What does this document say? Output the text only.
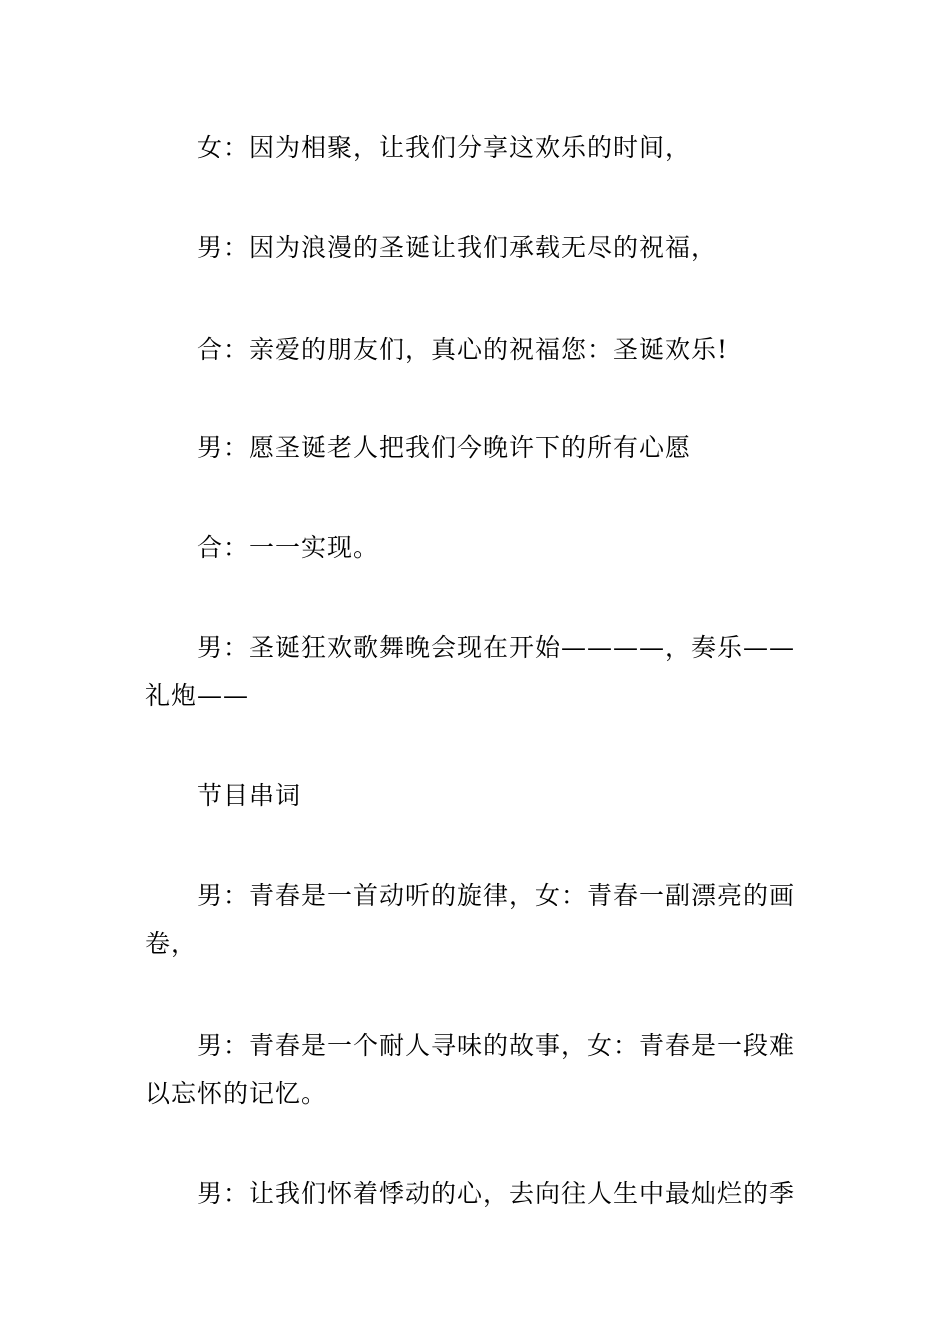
女：因为相聚，让我们分享这欢乐的时间，

男：因为浪漫的圣诞让我们承载无尽的祝福，

合：亲爱的朋友们，真心的祝福您：圣诞欢乐!

男：愿圣诞老人把我们今晚许下的所有心愿

合：一一实现。

男：圣诞狂欢歌舞晚会现在开始————，奏乐——礼炮——

节目串词

男：青春是一首动听的旋律，女：青春一副漂亮的画卷，

男：青春是一个耐人寻味的故事，女：青春是一段难以忘怀的记忆。

男：让我们怀着悸动的心，去向往人生中最灿烂的季
